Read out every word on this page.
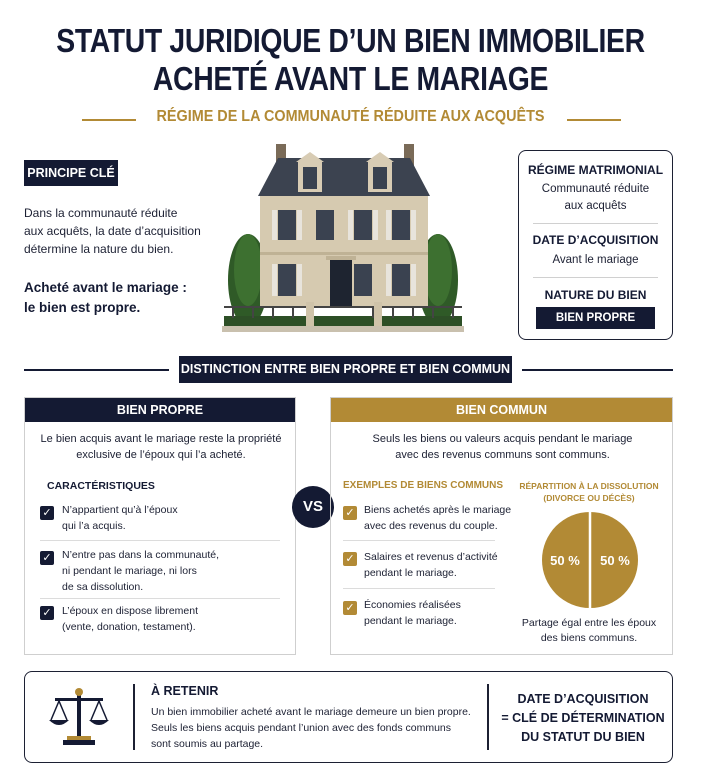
STATUT JURIDIQUE D’UN BIEN IMMOBILIER
ACHETÉ AVANT LE MARIAGE
RÉGIME DE LA COMMUNAUTÉ RÉDUITE AUX ACQUÊTS
PRINCIPE CLÉ
Dans la communauté réduite
aux acquêts, la date d’acquisition
détermine la nature du bien.
Acheté avant le mariage :
le bien est propre.
RÉGIME MATRIMONIAL
Communauté réduite
aux acquêts
DATE D’ACQUISITION
Avant le mariage
NATURE DU BIEN
BIEN PROPRE
DISTINCTION ENTRE BIEN PROPRE ET BIEN COMMUN
BIEN PROPRE
Le bien acquis avant le mariage reste la propriété
exclusive de l’époux qui l’a acheté.
CARACTÉRISTIQUES
✓ N’appartient qu’à l’époux
qui l’a acquis.
✓ N’entre pas dans la communauté,
ni pendant le mariage, ni lors
de sa dissolution.
✓ L’époux en dispose librement
(vente, donation, testament).
VS
BIEN COMMUN
Seuls les biens ou valeurs acquis pendant le mariage
avec des revenus communs sont communs.
EXEMPLES DE BIENS COMMUNS
✓ Biens achetés après le mariage
avec des revenus du couple.
✓ Salaires et revenus d’activité
pendant le mariage.
✓ Économies réalisées
pendant le mariage.
RÉPARTITION À LA DISSOLUTION
(DIVORCE OU DÉCÈS)
50 % 50 %
Partage égal entre les époux
des biens communs.
À RETENIR
Un bien immobilier acheté avant le mariage demeure un bien propre.
Seuls les biens acquis pendant l’union avec des fonds communs
sont soumis au partage.
DATE D’ACQUISITION
= CLÉ DE DÉTERMINATION
DU STATUT DU BIEN
